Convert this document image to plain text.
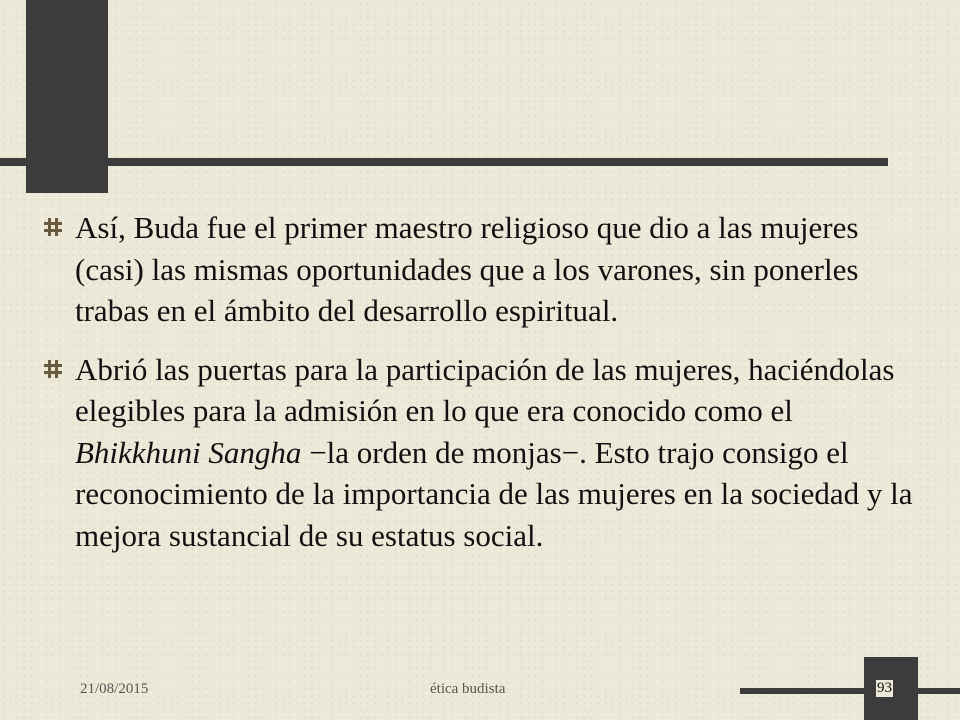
Así, Buda fue el primer maestro religioso que dio a las mujeres (casi) las mismas oportunidades que a los varones, sin ponerles trabas en el ámbito del desarrollo espiritual.
Abrió las puertas para la participación de las mujeres, haciéndolas elegibles para la admisión en lo que era conocido como el Bhikkhuni Sangha −la orden de monjas−. Esto trajo consigo el reconocimiento de la importancia de las mujeres en la sociedad y la mejora sustancial de su estatus social.
21/08/2015	ética budista	93
